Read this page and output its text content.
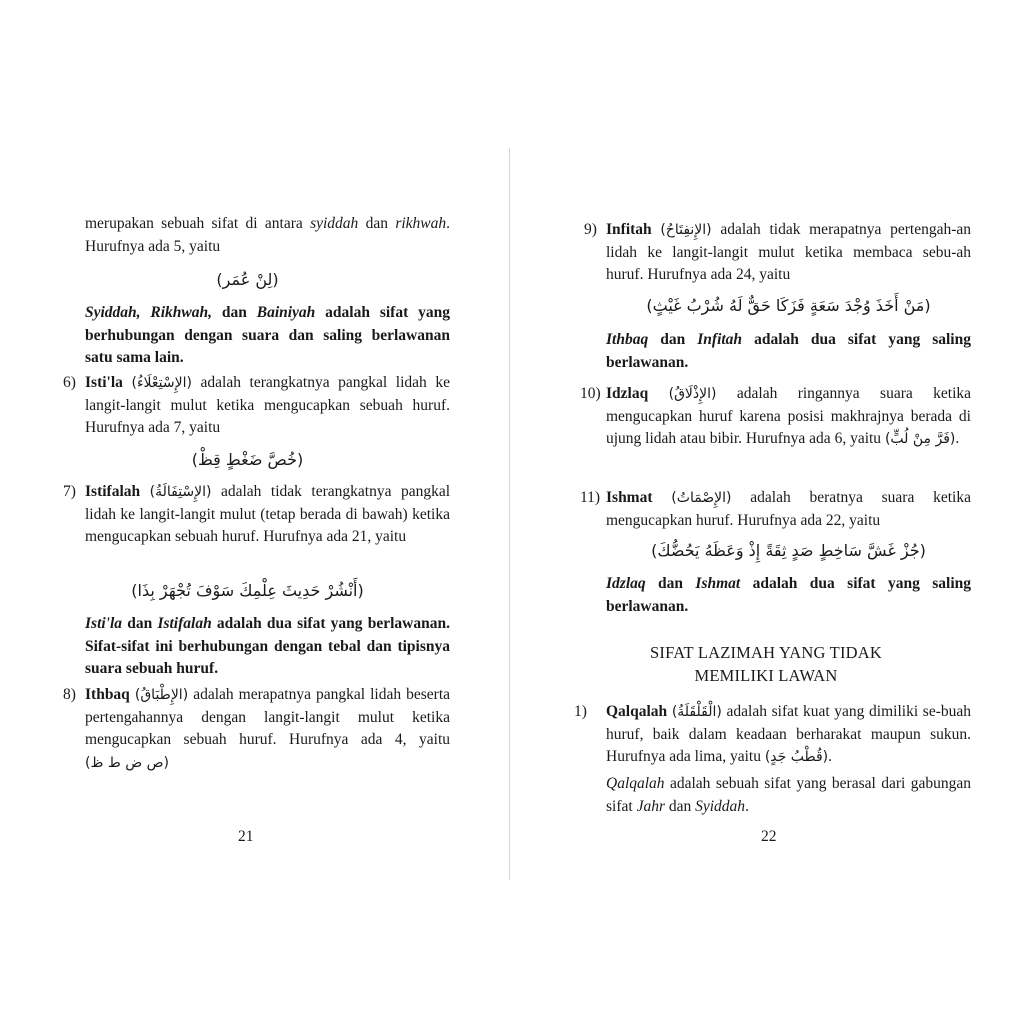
merupakan sebuah sifat di antara syiddah dan rikhwah. Hurufnya ada 5, yaitu
(لِنْ عُمَر)
Syiddah, Rikhwah, dan Bainiyah adalah sifat yang berhubungan dengan suara dan saling berlawanan satu sama lain.
6) Isti'la (الإِسْتِعْلَاءُ) adalah terangkatnya pangkal lidah ke langit-langit mulut ketika mengucapkan sebuah huruf. Hurufnya ada 7, yaitu
(خُصَّ ضَغْطٍ قِظْ)
7) Istifalah (الإِسْتِفَالَةُ) adalah tidak terangkatnya pangkal lidah ke langit-langit mulut (tetap berada di bawah) ketika mengucapkan sebuah huruf. Hurufnya ada 21, yaitu
(أَنْشُرْ حَدِيثَ عِلْمِكَ سَوْفَ تُجْهَرْ بِذَا)
Isti'la dan Istifalah adalah dua sifat yang berlawanan. Sifat-sifat ini berhubungan dengan tebal dan tipisnya suara sebuah huruf.
8) Ithbaq (الإِطْبَاقُ) adalah merapatnya pangkal lidah beserta pertengahannya dengan langit-langit mulut ketika mengucapkan sebuah huruf. Hurufnya ada 4, yaitu (ص ض ط ظ)
21
9) Infitah (الإِنفِتَاحُ) adalah tidak merapatnya pertengah-an lidah ke langit-langit mulut ketika membaca sebu-ah huruf. Hurufnya ada 24, yaitu
(مَنْ أَخَذَ وُجْدَ سَعَةٍ فَزَكَا حَقٌّ لَهُ شُرْبُ غَيْثٍ)
Ithbaq dan Infitah adalah dua sifat yang saling berlawanan.
10) Idzlaq (الإِذْلَاقُ) adalah ringannya suara ketika mengucapkan huruf karena posisi makhrajnya berada di ujung lidah atau bibir. Hurufnya ada 6, yaitu (فَرَّ مِنْ لُبٍّ).
11) Ishmat (الإِصْمَاتُ) adalah beratnya suara ketika mengucapkan huruf. Hurufnya ada 22, yaitu
(جُزْ غَشَّ سَاخِطٍ صَدٍ ثِقَةً إِذْ وَعَظَهُ يَحُضُّكَ)
Idzlaq dan Ishmat adalah dua sifat yang saling berlawanan.
SIFAT LAZIMAH YANG TIDAK
MEMILIKI LAWAN
1) Qalqalah (الْقَلْقَلَةُ) adalah sifat kuat yang dimiliki se-buah huruf, baik dalam keadaan berharakat maupun sukun. Hurufnya ada lima, yaitu (قُطْبُ جَدٍ).
Qalqalah adalah sebuah sifat yang berasal dari gabungan sifat Jahr dan Syiddah.
22
